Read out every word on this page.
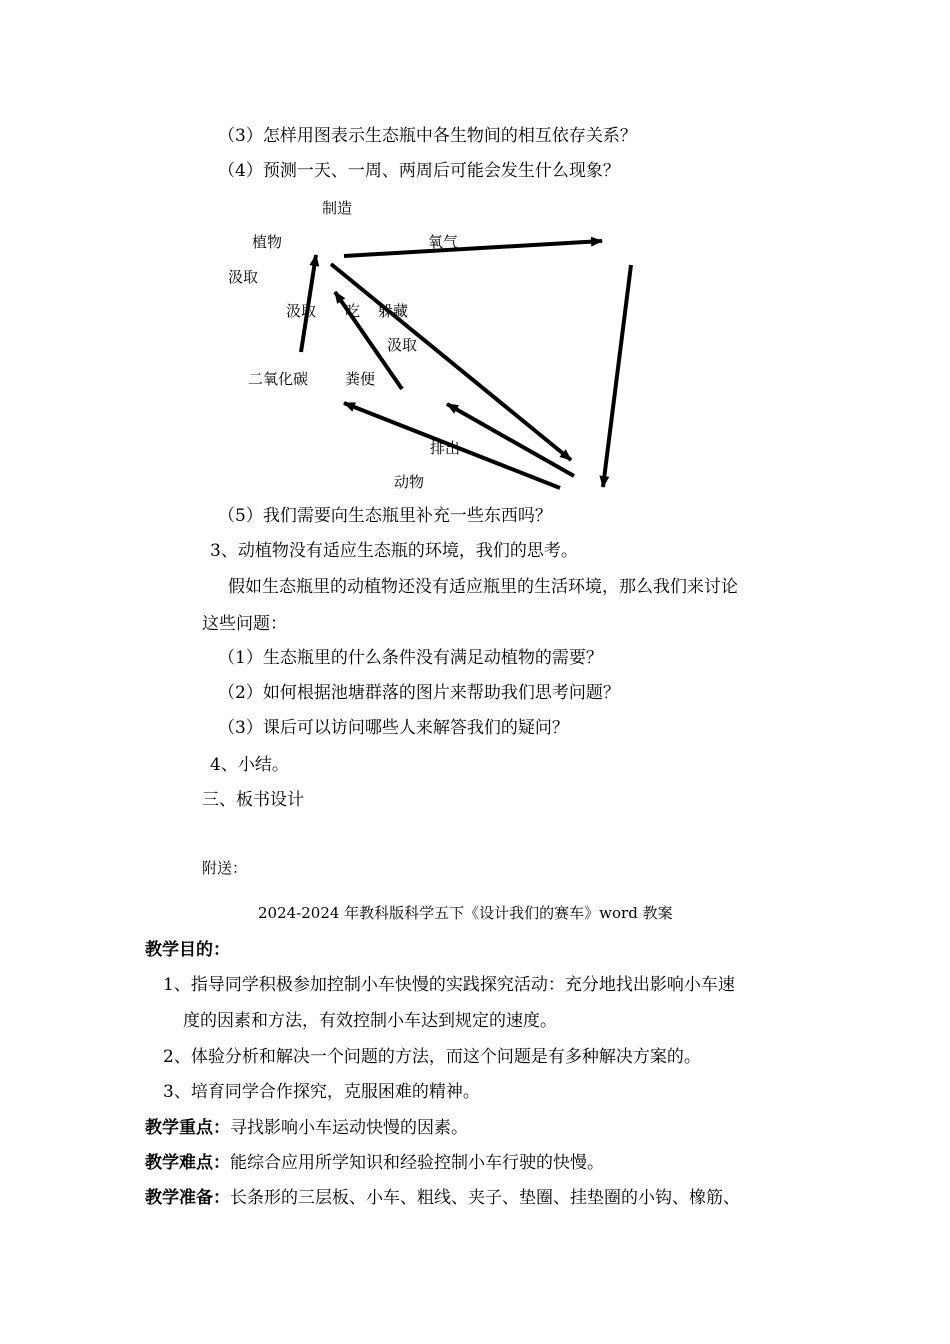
（3）怎样用图表示生态瓶中各生物间的相互依存关系？
（4）预测一天、一周、两周后可能会发生什么现象？
制造
植物	氧气
汲取
汲取 吃 躲藏
汲取
二氧化碳 粪便
排出
动物
（5）我们需要向生态瓶里补充一些东西吗？
3、动植物没有适应生态瓶的环境，我们的思考。
假如生态瓶里的动植物还没有适应瓶里的生活环境，那么我们来讨论
这些问题：
（1）生态瓶里的什么条件没有满足动植物的需要？
（2）如何根据池塘群落的图片来帮助我们思考问题？
（3）课后可以访问哪些人来解答我们的疑问？
4、小结。
三、板书设计
附送：
2024-2024 年教科版科学五下《设计我们的赛车》word 教案
教学目的：
1、指导同学积极参加控制小车快慢的实践探究活动：充分地找出影响小车速
度的因素和方法，有效控制小车达到规定的速度。
2、体验分析和解决一个问题的方法，而这个问题是有多种解决方案的。
3、培育同学合作探究，克服困难的精神。
教学重点：寻找影响小车运动快慢的因素。
教学难点：能综合应用所学知识和经验控制小车行驶的快慢。
教学准备：长条形的三层板、小车、粗线、夹子、垫圈、挂垫圈的小钩、橡筋、
